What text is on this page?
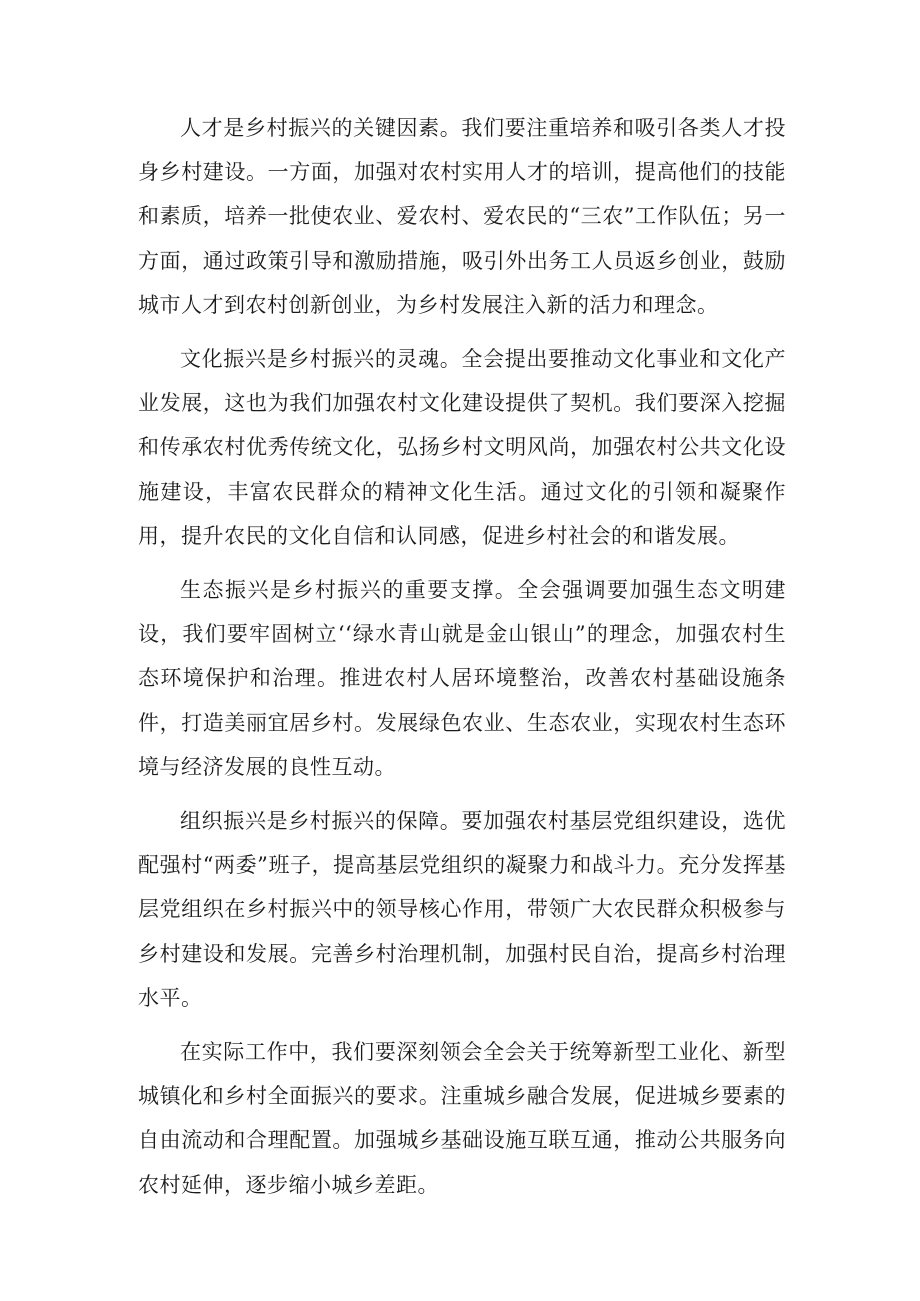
人才是乡村振兴的关键因素。我们要注重培养和吸引各类人才投身乡村建设。一方面，加强对农村实用人才的培训，提高他们的技能和素质，培养一批使农业、爱农村、爱农民的“三农”工作队伍；另一方面，通过政策引导和激励措施，吸引外出务工人员返乡创业，鼓励城市人才到农村创新创业，为乡村发展注入新的活力和理念。

文化振兴是乡村振兴的灵魂。全会提出要推动文化事业和文化产业发展，这也为我们加强农村文化建设提供了契机。我们要深入挖掘和传承农村优秀传统文化，弘扬乡村文明风尚，加强农村公共文化设施建设，丰富农民群众的精神文化生活。通过文化的引领和凝聚作用，提升农民的文化自信和认同感，促进乡村社会的和谐发展。

生态振兴是乡村振兴的重要支撑。全会强调要加强生态文明建设，我们要牢固树立‘‘绿水青山就是金山银山”的理念，加强农村生态环境保护和治理。推进农村人居环境整治，改善农村基础设施条件，打造美丽宜居乡村。发展绿色农业、生态农业，实现农村生态环境与经济发展的良性互动。

组织振兴是乡村振兴的保障。要加强农村基层党组织建设，选优配强村“两委”班子，提高基层党组织的凝聚力和战斗力。充分发挥基层党组织在乡村振兴中的领导核心作用，带领广大农民群众积极参与乡村建设和发展。完善乡村治理机制，加强村民自治，提高乡村治理水平。

在实际工作中，我们要深刻领会全会关于统筹新型工业化、新型城镇化和乡村全面振兴的要求。注重城乡融合发展，促进城乡要素的自由流动和合理配置。加强城乡基础设施互联互通，推动公共服务向农村延伸，逐步缩小城乡差距。
